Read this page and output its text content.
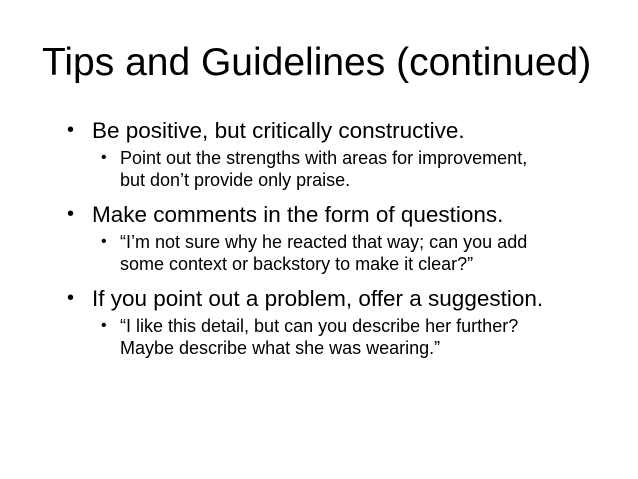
Tips and Guidelines (continued)
• Be positive, but critically constructive.
• Point out the strengths with areas for improvement,
but don’t provide only praise.
• Make comments in the form of questions.
• “I’m not sure why he reacted that way; can you add
some context or backstory to make it clear?”
• If you point out a problem, offer a suggestion.
• “I like this detail, but can you describe her further?
Maybe describe what she was wearing.”
